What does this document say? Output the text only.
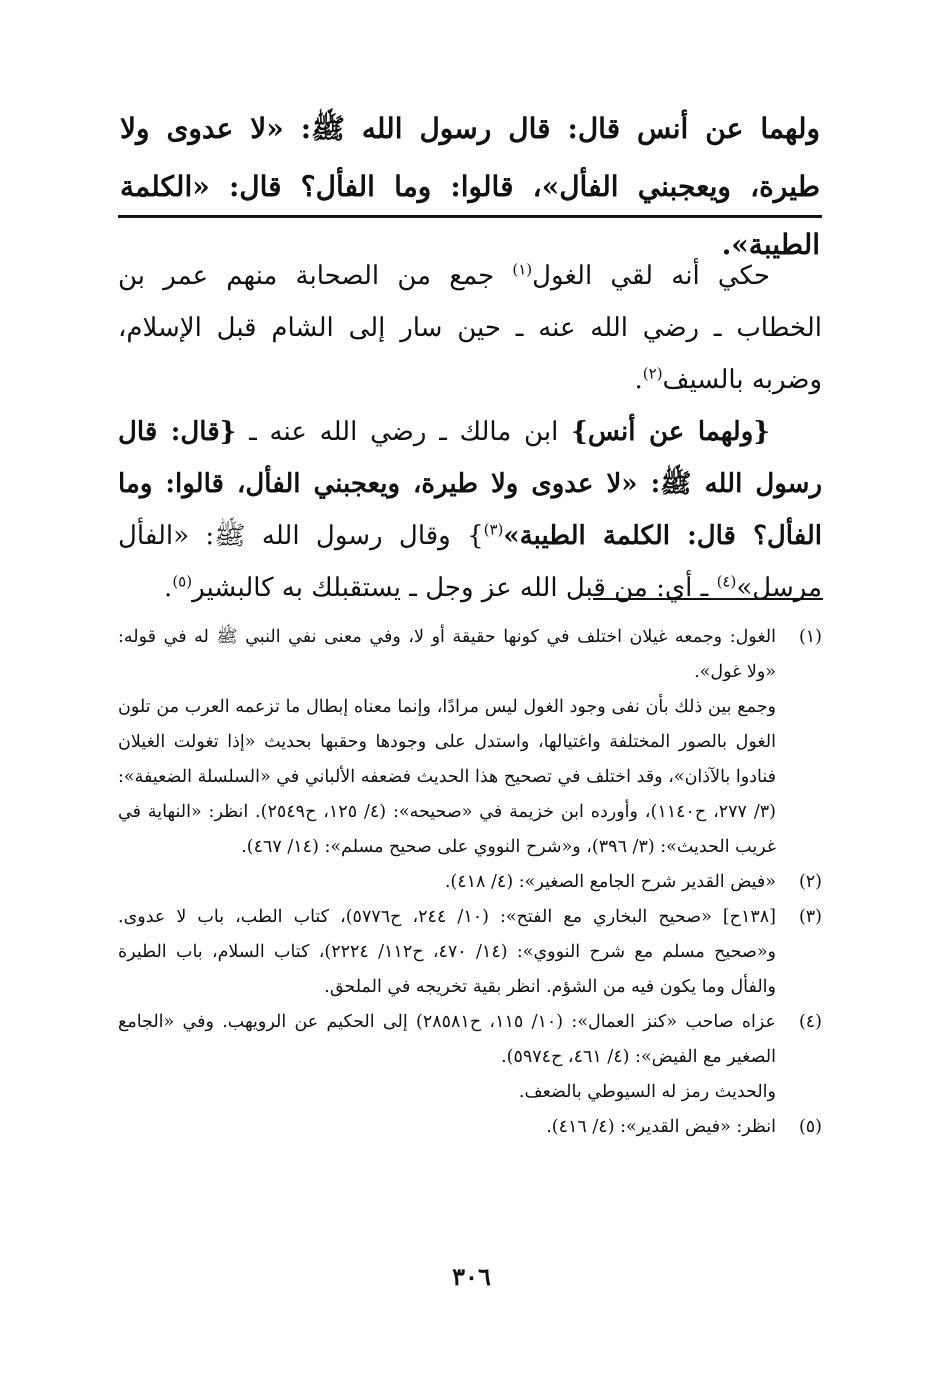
ولهما عن أنس قال: قال رسول الله ﷺ: «لا عدوى ولا طيرة، ويعجبني الفأل»، قالوا: وما الفأل؟ قال: «الكلمة الطيبة».

حكي أنه لقي الغول$^{(١)}$ جمع من الصحابة منهم عمر بن الخطاب ـ رضي الله عنه ـ حين سار إلى الشام قبل الإسلام، وضربه بالسيف$^{(٢)}$.

{ولهما عن أنس} ابن مالك ـ رضي الله عنه ـ {قال: قال رسول الله ﷺ: «لا عدوى ولا طيرة، ويعجبني الفأل، قالوا: وما الفأل؟ قال: الكلمة الطيبة»$^{(٣)}$} وقال رسول الله ﷺ: «الفأل مرسل»$^{(٤)}$ ـ أي: من قبل الله عز وجل ـ يستقبلك به كالبشير$^{(٥)}$.

(١)
الغول: وجمعه غيلان اختلف في كونها حقيقة أو لا، وفي معنى نفي النبي ﷺ له في قوله: «ولا غول».
وجمع بين ذلك بأن نفى وجود الغول ليس مرادًا، وإنما معناه إبطال ما تزعمه العرب من تلون الغول بالصور المختلفة واغتيالها، واستدل على وجودها وحقبها بحديث «إذا تغولت الغيلان فنادوا بالآذان»، وقد اختلف في تصحيح هذا الحديث فضعفه الألباني في «السلسلة الضعيفة»: (٣/ ٢٧٧، ح١١٤٠)، وأورده ابن خزيمة في «صحيحه»: (٤/ ١٢٥، ح٢٥٤٩). انظر: «النهاية في غريب الحديث»: (٣/ ٣٩٦)، و«شرح النووي على صحيح مسلم»: (١٤/ ٤٦٧).
(٢)
«فيض القدير شرح الجامع الصغير»: (٤/ ٤١٨).
(٣)
[١٣٨ح] «صحيح البخاري مع الفتح»: (١٠/ ٢٤٤، ح٥٧٧٦)، كتاب الطب، باب لا عدوى. و«صحيح مسلم مع شرح النووي»: (١٤/ ٤٧٠، ح١١٢/ ٢٢٢٤)، كتاب السلام، باب الطيرة والفأل وما يكون فيه من الشؤم. انظر بقية تخريجه في الملحق.
(٤)
عزاه صاحب «كنز العمال»: (١٠/ ١١٥، ح٢٨٥٨١) إلى الحكيم عن الرويهب. وفي «الجامع الصغير مع الفيض»: (٤/ ٤٦١، ح٥٩٧٤).
والحديث رمز له السيوطي بالضعف.
(٥)
انظر: «فيض القدير»: (٤/ ٤١٦).
٣٠٦
